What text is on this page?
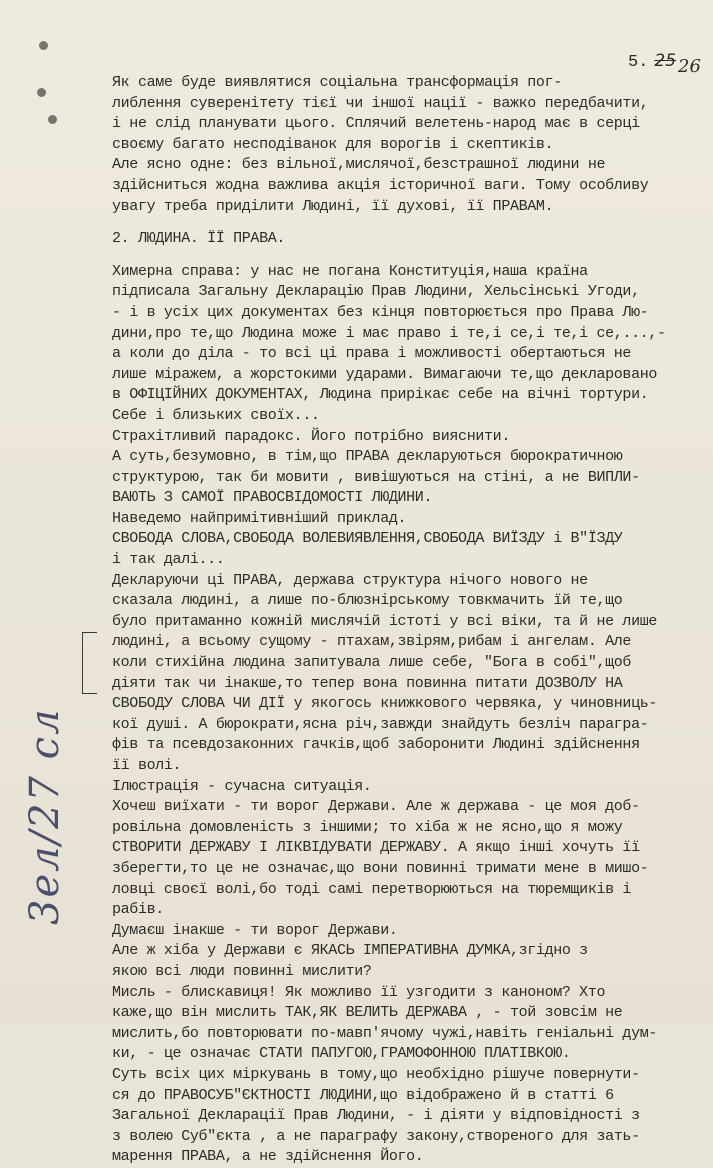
5. 25 26
3ел/27 сл
Як саме буде виявлятися соціальна трансформація пог-
либлення суверенітету тієї чи іншої нації - важко передбачити,
і не слід планувати цього. Сплячий велетень-народ має в серці
своєму багато несподіванок для ворогів і скептиків.
Але ясно одне: без вільної,мислячої,безстрашної людини не
здійсниться жодна важлива акція історичної ваги. Тому особливу
увагу треба приділити Людині, її духові, її ПРАВАМ.
2. ЛЮДИНА. ЇЇ ПРАВА.
Химерна справа: у нас не погана Конституція,наша країна
підписала Загальну Декларацію Прав Людини, Хельсінські Угоди,
- і в усіх цих документах без кінця повторюється про Права Лю-
дини,про те,що Людина може і має право і те,і се,і те,і се,...,-
а коли до діла - то всі ці права і можливості обертаються не
лише міражем, а жорстокими ударами. Вимагаючи те,що декларовано
в ОФІЦІЙНИХ ДОКУМЕНТАХ, Людина прирікає себе на вічні тортури.
Себе і близьких своїх...
Страхітливий парадокс. Його потрібно вияснити.
А суть,безумовно, в тім,що ПРАВА декларуються бюрократичною
структурою, так би мовити , вивішуються на стіні, а не ВИПЛИ-
ВАЮТЬ З САМОЇ ПРАВОСВІДОМОСТІ ЛЮДИНИ.
Наведемо найпримітивніший приклад.
СВОБОДА СЛОВА,СВОБОДА ВОЛЕВИЯВЛЕННЯ,СВОБОДА ВИЇЗДУ і В"ЇЗДУ
і так далі...
Декларуючи ці ПРАВА, держава структура нічого нового не
сказала людині, а лише по-блюзнірському товкмачить їй те,що
було притаманно кожній мислячій істоті у всі віки, та й не лише
людині, а всьому сущому - птахам,звірям,рибам і ангелам. Але
коли стихійна людина запитувала лише себе, "Бога в собі",щоб
діяти так чи інакше,то тепер вона повинна питати ДОЗВОЛУ НА
СВОБОДУ СЛОВА ЧИ ДІЇ у якогось книжкового червяка, у чиновниць-
кої душі. А бюрократи,ясна річ,завжди знайдуть безліч парагра-
фів та псевдозаконних гачків,щоб заборонити Людині здійснення
її волі.
Ілюстрація - сучасна ситуація.
Хочеш виїхати - ти ворог Держави. Але ж держава - це моя доб-
ровільна домовленість з іншими; то хіба ж не ясно,що я можу
СТВОРИТИ ДЕРЖАВУ І ЛІКВІДУВАТИ ДЕРЖАВУ. А якщо інші хочуть її
зберегти,то це не означає,що вони повинні тримати мене в мишо-
ловці своєї волі,бо тоді самі перетворюються на тюремщиків і
рабів.
Думаєш інакше - ти ворог Держави.
Але ж хіба у Держави є ЯКАСЬ ІМПЕРАТИВНА ДУМКА,згідно з
якою всі люди повинні мислити?
Мисль - блискавиця! Як можливо її узгодити з каноном? Хто
каже,що він мислить ТАК,ЯК ВЕЛИТЬ ДЕРЖАВА , - той зовсім не
мислить,бо повторювати по-мавп'ячому чужі,навіть геніальні дум-
ки, - це означає СТАТИ ПАПУГОЮ,ГРАМОФОННОЮ ПЛАТІВКОЮ.
Суть всіх цих міркувань в тому,що необхідно рішуче повернути-
ся до ПРАВОСУБ"ЄКТНОСТІ ЛЮДИНИ,що відображено й в статті 6
Загальної Декларації Прав Людини, - і діяти у відповідності з
з волею Суб"єкта , а не параграфу закону,створеного для зать-
марення ПРАВА, а не здійснення Його.
